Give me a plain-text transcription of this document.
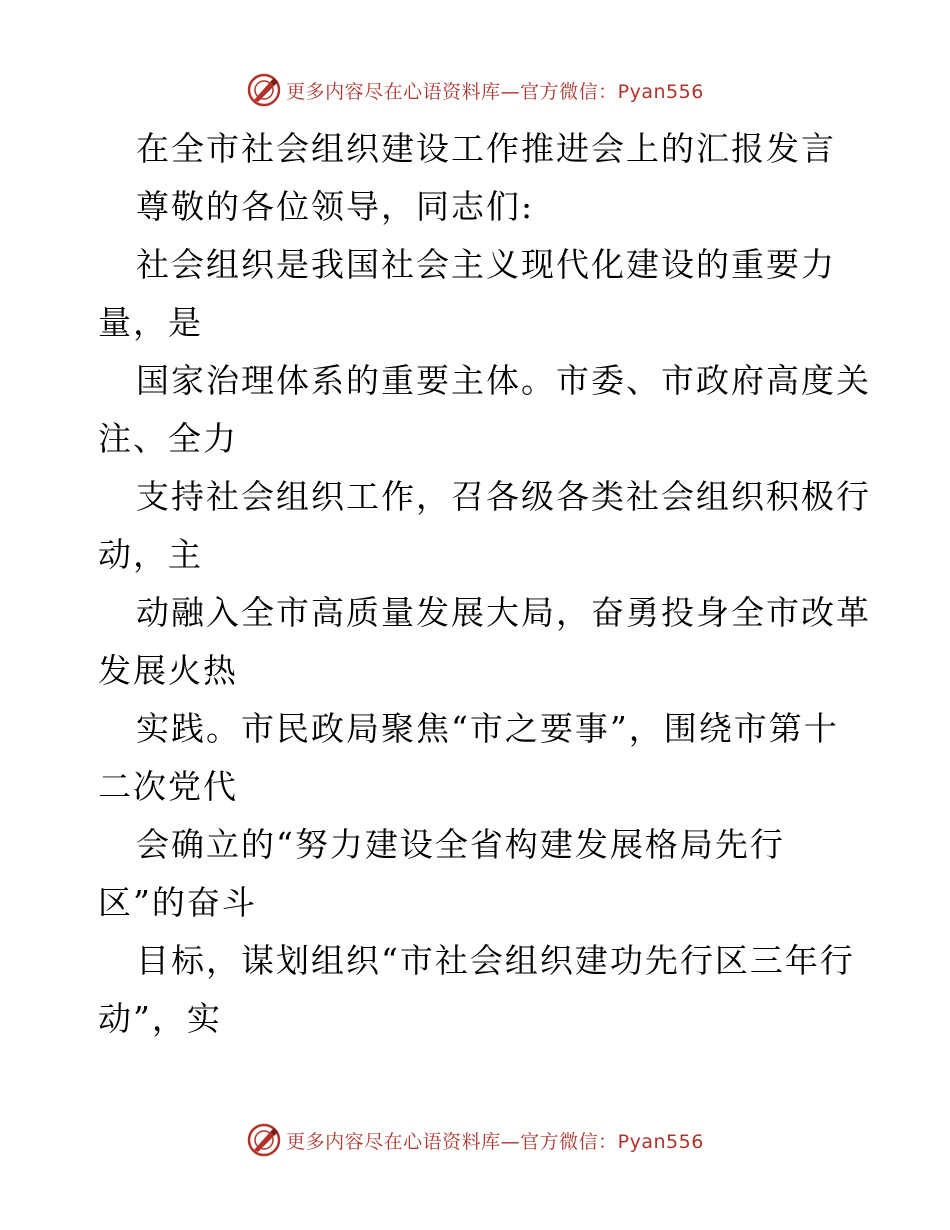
更多内容尽在心语资料库—官方微信：Pyan556
在全市社会组织建设工作推进会上的汇报发言
尊敬的各位领导，同志们:
社会组织是我国社会主义现代化建设的重要力
量，是
国家治理体系的重要主体。市委、市政府高度关
注、全力
支持社会组织工作，召各级各类社会组织积极行
动，主
动融入全市高质量发展大局，奋勇投身全市改革
发展火热
实践。市民政局聚焦“市之要事”，围绕市第十
二次党代
会确立的“努力建设全省构建发展格局先行
区”的奋斗
目标，谋划组织“市社会组织建功先行区三年行
动”，实
更多内容尽在心语资料库—官方微信：Pyan556
